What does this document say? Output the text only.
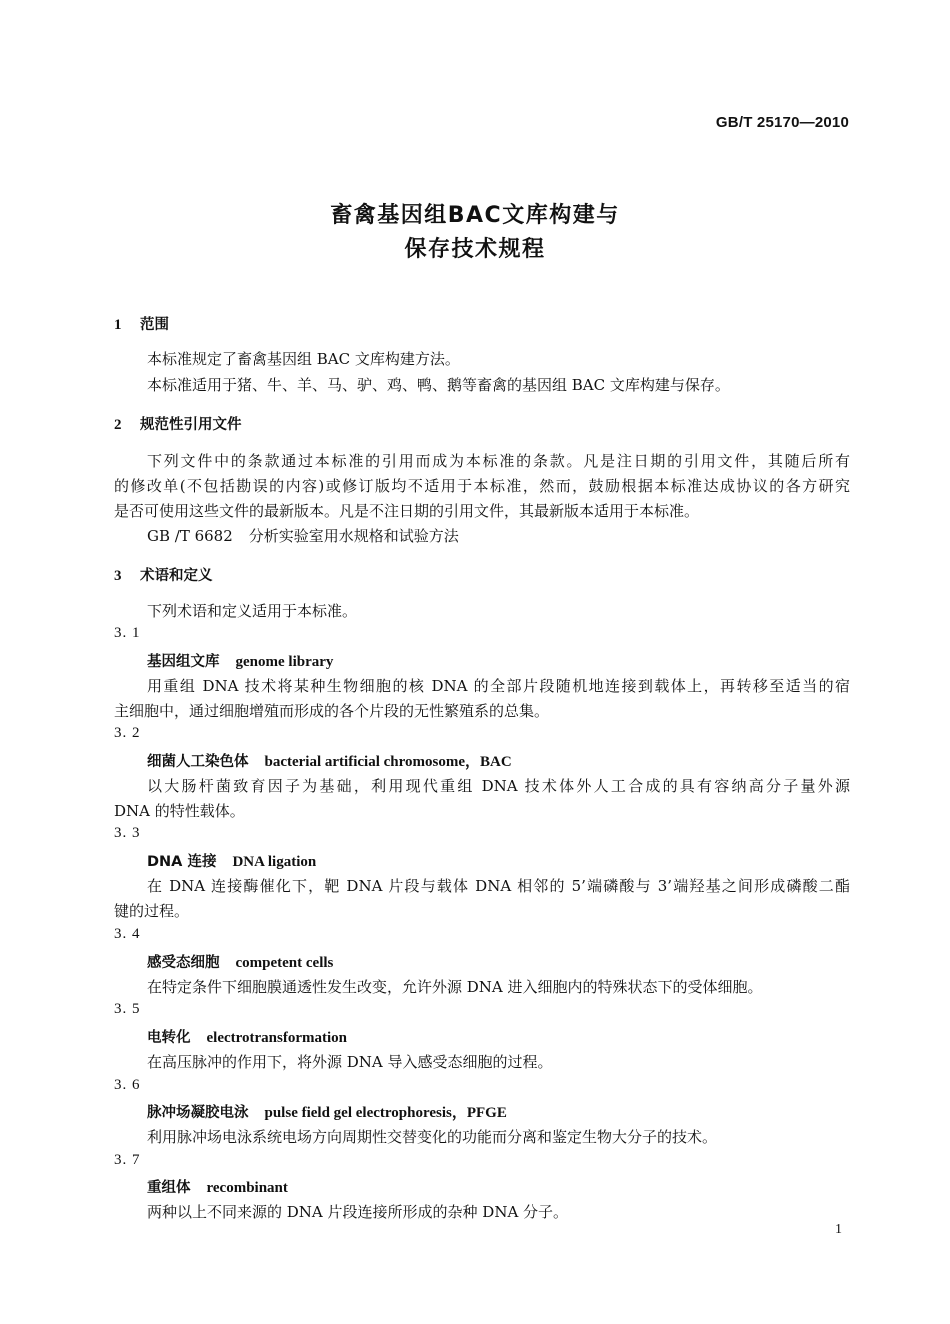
GB/T 25170—2010
畜禽基因组BAC文库构建与
保存技术规程
1 范围
本标准规定了畜禽基因组 BAC 文库构建方法。
本标准适用于猪、牛、羊、马、驴、鸡、鸭、鹅等畜禽的基因组 BAC 文库构建与保存。
2 规范性引用文件
下列文件中的条款通过本标准的引用而成为本标准的条款。凡是注日期的引用文件，其随后所有
的修改单(不包括勘误的内容)或修订版均不适用于本标准，然而，鼓励根据本标准达成协议的各方研究
是否可使用这些文件的最新版本。凡是不注日期的引用文件，其最新版本适用于本标准。
GB /T 6682 分析实验室用水规格和试验方法
3 术语和定义
下列术语和定义适用于本标准。
3. 1
基因组文库 genome library
用重组 DNA 技术将某种生物细胞的核 DNA 的全部片段随机地连接到载体上，再转移至适当的宿
主细胞中，通过细胞增殖而形成的各个片段的无性繁殖系的总集。
3. 2
细菌人工染色体 bacterial artificial chromosome，BAC
以大肠杆菌致育因子为基础，利用现代重组 DNA 技术体外人工合成的具有容纳高分子量外源
DNA 的特性载体。
3. 3
DNA 连接 DNA ligation
在 DNA 连接酶催化下，靶 DNA 片段与载体 DNA 相邻的 5’端磷酸与 3’端羟基之间形成磷酸二酯
键的过程。
3. 4
感受态细胞 competent cells
在特定条件下细胞膜通透性发生改变，允许外源 DNA 进入细胞内的特殊状态下的受体细胞。
3. 5
电转化 electrotransformation
在高压脉冲的作用下，将外源 DNA 导入感受态细胞的过程。
3. 6
脉冲场凝胶电泳 pulse field gel electrophoresis，PFGE
利用脉冲场电泳系统电场方向周期性交替变化的功能而分离和鉴定生物大分子的技术。
3. 7
重组体 recombinant
两种以上不同来源的 DNA 片段连接所形成的杂种 DNA 分子。
1
